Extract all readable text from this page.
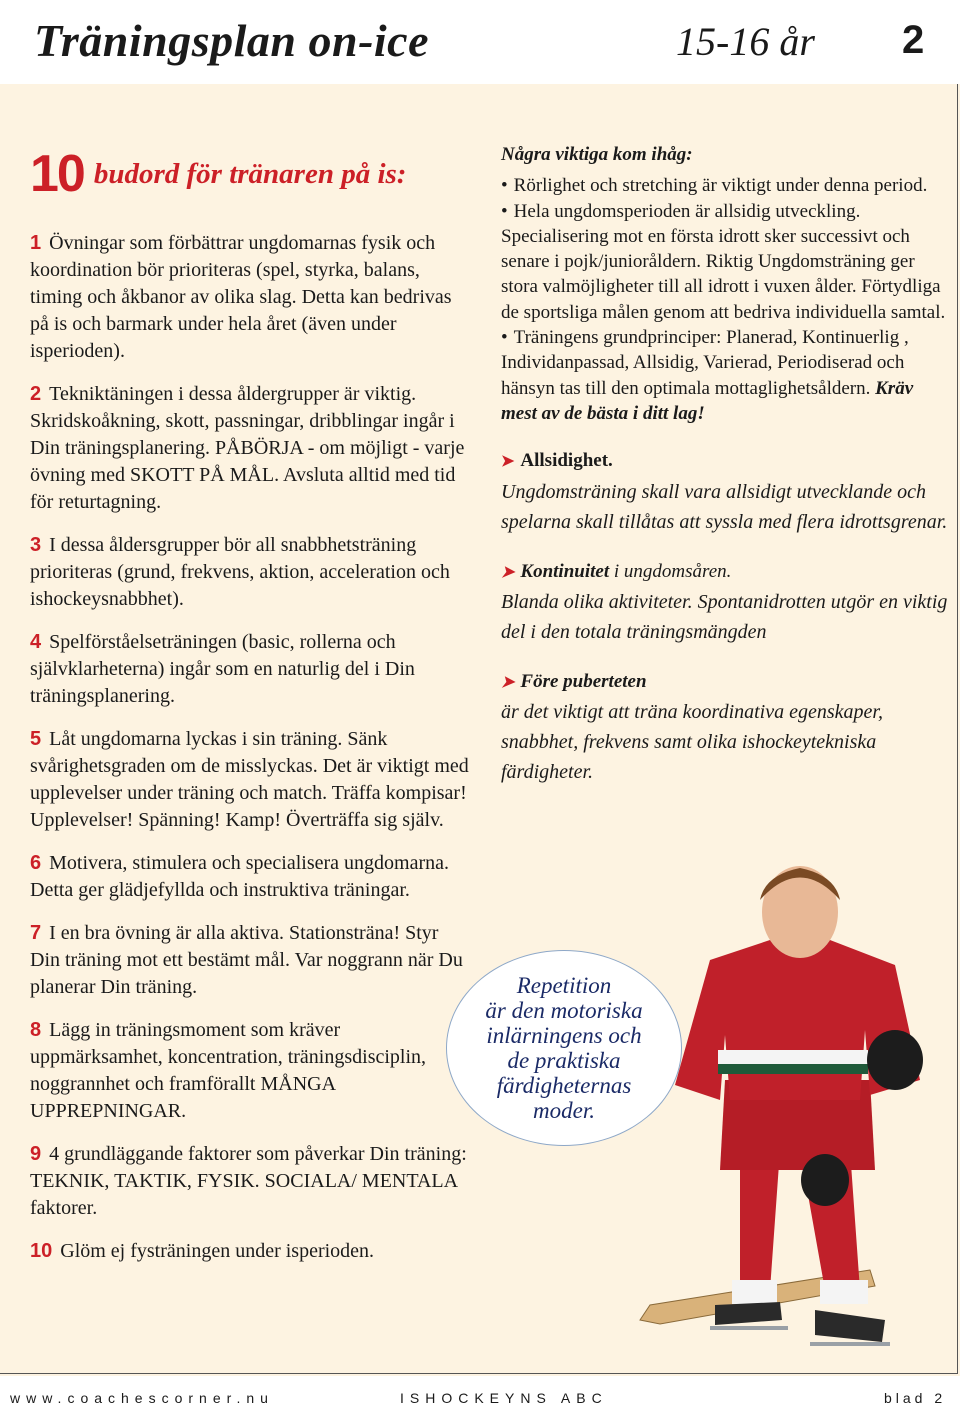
Träningsplan on-ice	15-16 år 2
10 budord för tränaren på is:
1 Övningar som förbättrar ungdomarnas fysik och koordination bör prioriteras (spel, styrka, balans, timing och åkbanor av olika slag. Detta kan bedrivas på is och barmark under hela året (även under isperioden).
2 Tekniktäningen i dessa åldergrupper är viktig. Skridskoåkning, skott, passningar, dribblingar ingår i Din träningsplanering. PÅBÖRJA - om möjligt - varje övning med SKOTT PÅ MÅL. Avsluta alltid med tid för returtagning.
3 I dessa åldersgrupper bör all snabbhetsträning prioriteras (grund, frekvens, aktion, acceleration och ishockeysnabbhet).
4 Spelförståelseträningen (basic, rollerna och självklarheterna) ingår som en naturlig del i Din träningsplanering.
5 Låt ungdomarna lyckas i sin träning. Sänk svårighetsgraden om de misslyckas. Det är viktigt med upplevelser under träning och match. Träffa kompisar! Upplevelser! Spänning! Kamp! Överträffa sig själv.
6 Motivera, stimulera och specialisera ungdomarna. Detta ger glädjefyllda och instruktiva träningar.
7 I en bra övning är alla aktiva. Stationsträna! Styr Din träning mot ett bestämt mål. Var noggrann när Du planerar Din träning.
8 Lägg in träningsmoment som kräver uppmärksamhet, koncentration, träningsdisciplin, noggrannhet och framförallt MÅNGA UPPREPNINGAR.
9 4 grundläggande faktorer som påverkar Din träning: TEKNIK, TAKTIK, FYSIK. SOCIALA/ MENTALA faktorer.
10 Glöm ej fysträningen under isperioden.
Några viktiga kom ihåg:
• Rörlighet och stretching är viktigt under denna period.
• Hela ungdomsperioden är allsidig utveckling. Specialisering mot en första idrott sker successivt och senare i pojk/junioråldern. Riktig Ungdomsträning ger stora valmöjligheter till all idrott i vuxen ålder. Förtydliga de sportsliga målen genom att bedriva individuella samtal.
• Träningens grundprinciper: Planerad, Kontinuerlig , Individanpassad, Allsidig, Varierad, Periodiserad och hänsyn tas till den optimala mottaglighetsåldern. Kräv mest av de bästa i ditt lag!
➤ Allsidighet.
Ungdomsträning skall vara allsidigt utvecklande och spelarna skall tillåtas att syssla med flera idrottsgrenar.
➤ Kontinuitet i ungdomsåren.
Blanda olika aktiviteter. Spontanidrotten utgör en viktig del i den totala träningsmängden
➤ Före puberteten
är det viktigt att träna koordinativa egenskaper, snabbhet, frekvens samt olika ishockeytekniska färdigheter.
Repetition
är den motoriska
inlärningens och
de praktiska
färdigheternas
moder.
www.coachescorner.nu	ISHOCKEYNS ABC	blad 2
